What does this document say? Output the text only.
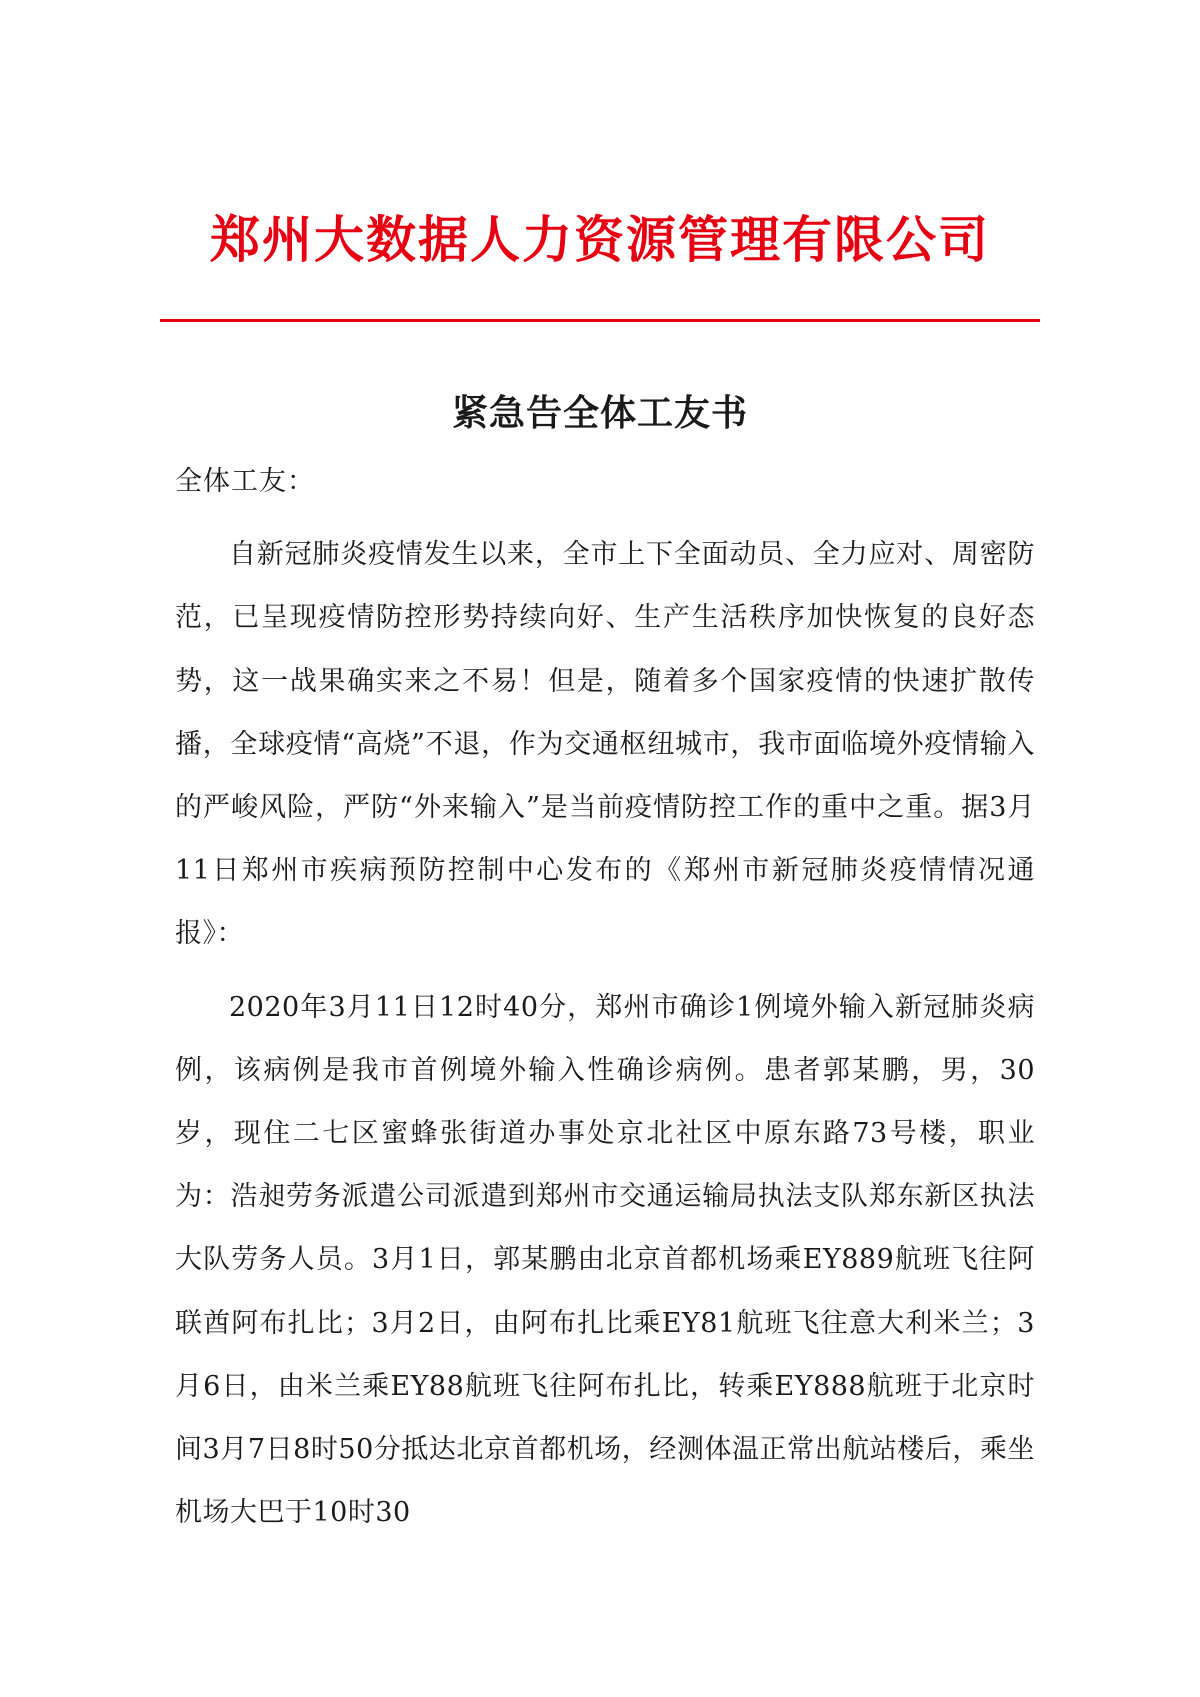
郑州大数据人力资源管理有限公司
紧急告全体工友书

全体工友：

自新冠肺炎疫情发生以来，全市上下全面动员、全力应对、周密防范，已呈现疫情防控形势持续向好、生产生活秩序加快恢复的良好态势，这一战果确实来之不易！但是，随着多个国家疫情的快速扩散传播，全球疫情“高烧”不退，作为交通枢纽城市，我市面临境外疫情输入的严峻风险，严防“外来输入”是当前疫情防控工作的重中之重。据3月11日郑州市疾病预防控制中心发布的《郑州市新冠肺炎疫情情况通报》：

2020年3月11日12时40分，郑州市确诊1例境外输入新冠肺炎病例，该病例是我市首例境外输入性确诊病例。患者郭某鹏，男，30岁，现住二七区蜜蜂张街道办事处京北社区中原东路73号楼，职业为：浩昶劳务派遣公司派遣到郑州市交通运输局执法支队郑东新区执法大队劳务人员。3月1日，郭某鹏由北京首都机场乘EY889航班飞往阿联酋阿布扎比；3月2日，由阿布扎比乘EY81航班飞往意大利米兰；3月6日，由米兰乘EY88航班飞往阿布扎比，转乘EY888航班于北京时间3月7日8时50分抵达北京首都机场，经测体温正常出航站楼后，乘坐机场大巴于10时30
